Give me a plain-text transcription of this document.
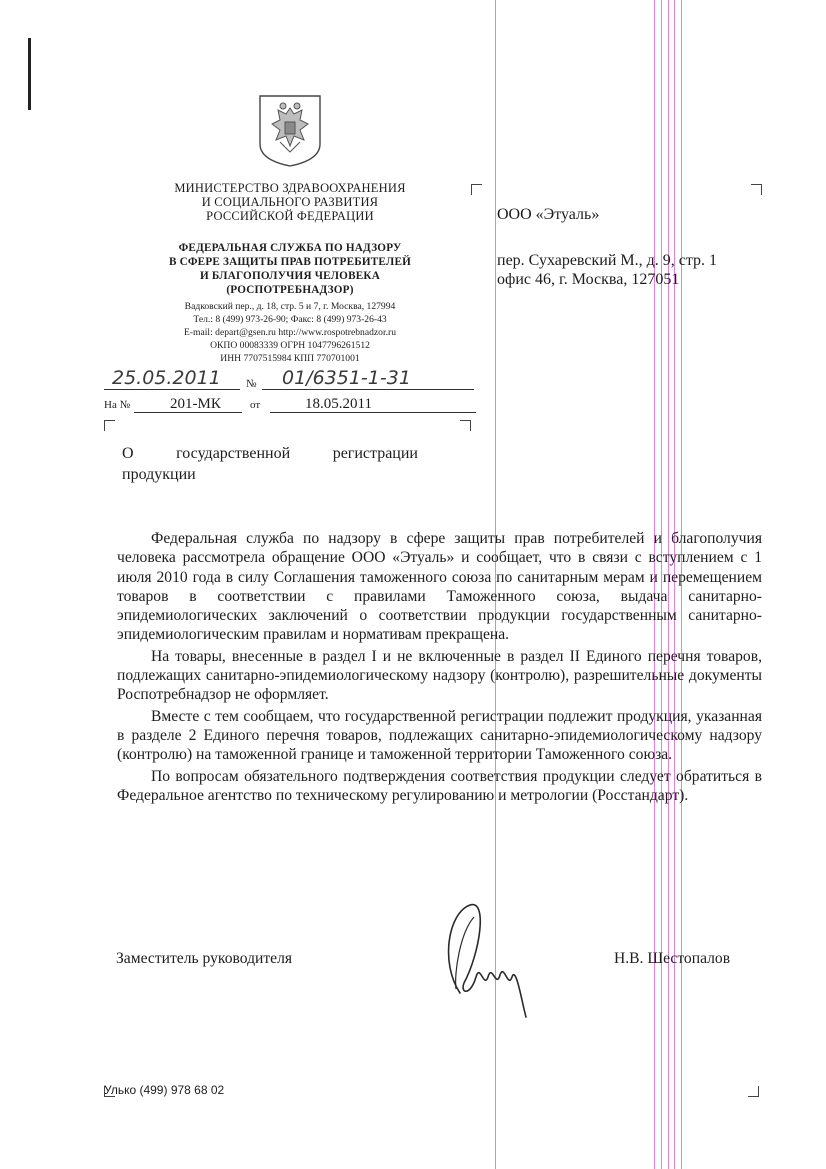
МИНИСТЕРСТВО ЗДРАВООХРАНЕНИЯ
И СОЦИАЛЬНОГО РАЗВИТИЯ
РОССИЙСКОЙ ФЕДЕРАЦИИ
ФЕДЕРАЛЬНАЯ СЛУЖБА ПО НАДЗОРУ
В СФЕРЕ ЗАЩИТЫ ПРАВ ПОТРЕБИТЕЛЕЙ
И БЛАГОПОЛУЧИЯ ЧЕЛОВЕКА
(РОСПОТРЕБНАДЗОР)
Вадковский пер., д. 18, стр. 5 и 7, г. Москва, 127994
Тел.: 8 (499) 973-26-90; Факс: 8 (499) 973-26-43
E-mail: depart@gsen.ru http://www.rospotrebnadzor.ru
ОКПО 00083339 ОГРН 1047796261512
ИНН 7707515984 КПП 770701001
25.05.2011 № 01/6351-1-31
На №	201-МК	от	18.05.2011
ООО «Этуаль»
пер. Сухаревский М., д. 9, стр. 1
офис 46, г. Москва, 127051
О	государственной	регистрации
продукции

Федеральная служба по надзору в сфере защиты прав потребителей и благополучия человека рассмотрела обращение ООО «Этуаль» и сообщает, что в связи с вступлением с 1 июля 2010 года в силу Соглашения таможенного союза по санитарным мерам и перемещением товаров в соответствии с правилами Таможенного союза, выдача санитарно-эпидемиологических заключений о соответствии продукции государственным санитарно-эпидемиологическим правилам и нормативам прекращена.

На товары, внесенные в раздел I и не включенные в раздел II Единого перечня товаров, подлежащих санитарно-эпидемиологическому надзору (контролю), разрешительные документы Роспотребнадзор не оформляет.

Вместе с тем сообщаем, что государственной регистрации подлежит продукция, указанная в разделе 2 Единого перечня товаров, подлежащих санитарно-эпидемиологическому надзору (контролю) на таможенной границе и таможенной территории Таможенного союза.

По вопросам обязательного подтверждения соответствия продукции следует обратиться в Федеральное агентство по техническому регулированию и метрологии (Росстандарт).

Заместитель руководителя	Н.В. Шестопалов
Улько (499) 978 68 02
